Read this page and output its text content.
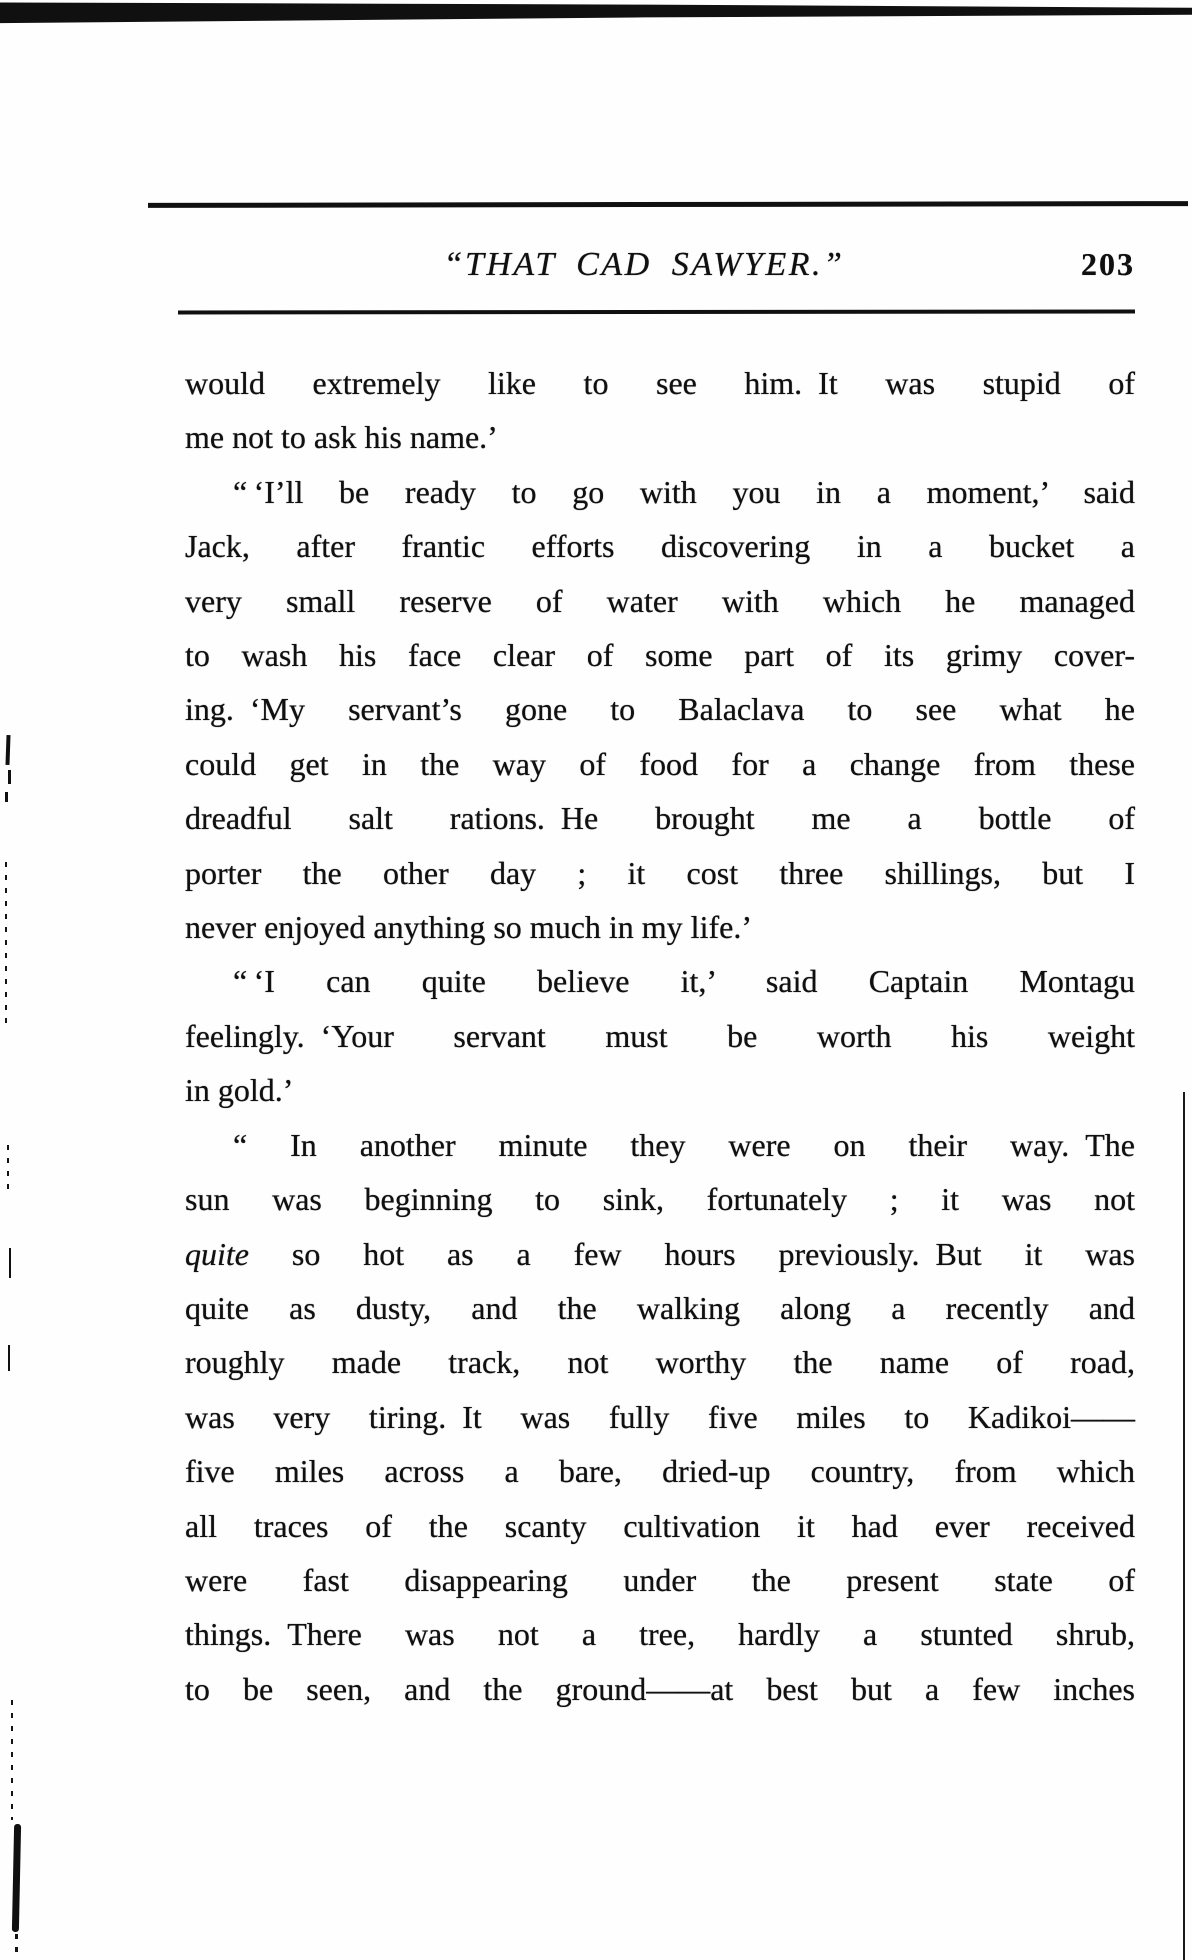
“THAT CAD SAWYER.”	203
would extremely like to see him. It was stupid of
me not to ask his name.’
“ ‘I’ll be ready to go with you in a moment,’ said
Jack, after frantic efforts discovering in a bucket a
very small reserve of water with which he managed
to wash his face clear of some part of its grimy cover-
ing. ‘My servant’s gone to Balaclava to see what he
could get in the way of food for a change from these
dreadful salt rations. He brought me a bottle of
porter the other day ; it cost three shillings, but I
never enjoyed anything so much in my life.’
“ ‘I can quite believe it,’ said Captain Montagu
feelingly. ‘Your servant must be worth his weight
in gold.’
“ In another minute they were on their way. The
sun was beginning to sink, fortunately ; it was not
quite so hot as a few hours previously. But it was
quite as dusty, and the walking along a recently and
roughly made track, not worthy the name of road,
was very tiring. It was fully five miles to Kadikoi——
five miles across a bare, dried-up country, from which
all traces of the scanty cultivation it had ever received
were fast disappearing under the present state of
things. There was not a tree, hardly a stunted shrub,
to be seen, and the ground——at best but a few inches
